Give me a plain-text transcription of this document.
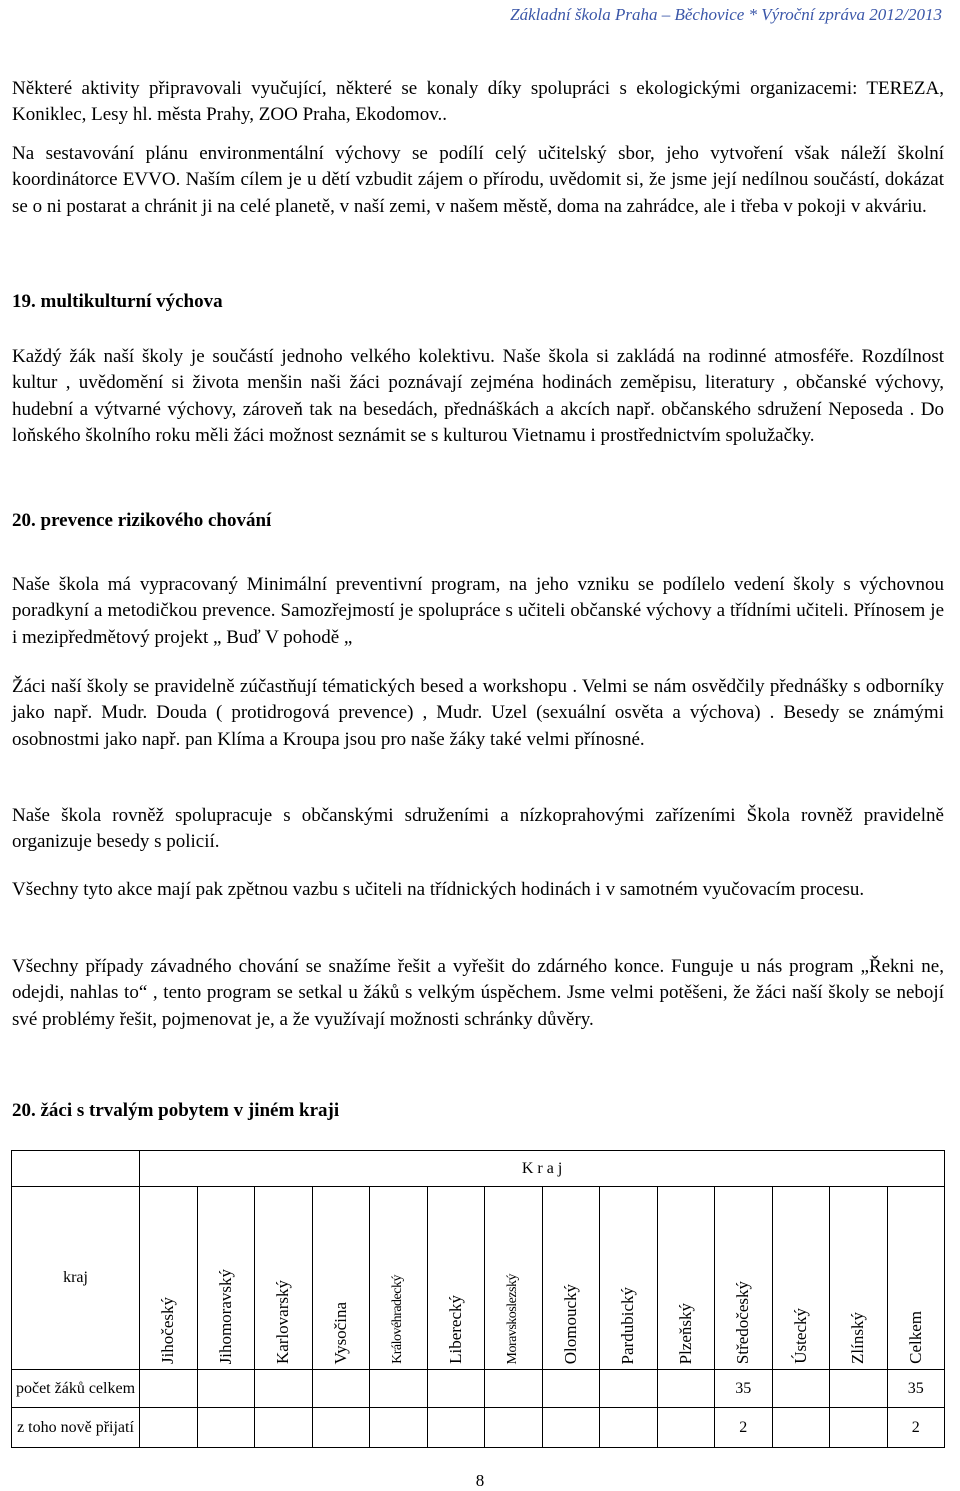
Základní škola Praha – Běchovice * Výroční zpráva 2012/2013

Některé aktivity připravovali vyučující, některé se konaly díky spolupráci s ekologickými organizacemi: TEREZA, Koniklec, Lesy hl. města Prahy, ZOO Praha, Ekodomov..

Na sestavování plánu environmentální výchovy se podílí celý učitelský sbor, jeho vytvoření však náleží školní koordinátorce EVVO. Naším cílem je u dětí vzbudit zájem o přírodu, uvědomit si, že jsme její nedílnou součástí, dokázat se o ni postarat a chránit ji na celé planetě, v naší zemi, v našem městě, doma na zahrádce, ale i třeba v pokoji v akváriu.

19. multikulturní výchova

Každý žák naší školy je součástí jednoho velkého kolektivu. Naše škola si zakládá na rodinné atmosféře. Rozdílnost kultur , uvědomění si života menšin naši žáci poznávají zejména hodinách zeměpisu, literatury , občanské výchovy, hudební a výtvarné výchovy, zároveň tak na besedách, přednáškách a akcích např. občanského sdružení Neposeda . Do loňského školního roku měli žáci možnost seznámit se s kulturou Vietnamu i prostřednictvím spolužačky.

20. prevence rizikového chování

Naše škola má vypracovaný Minimální preventivní program, na jeho vzniku se podílelo vedení školy s výchovnou poradkyní a metodičkou prevence. Samozřejmostí je spolupráce s učiteli občanské výchovy a třídními učiteli. Přínosem je i mezipředmětový projekt „ Buď V pohodě „

Žáci naší školy se pravidelně zúčastňují tématických besed a workshopu . Velmi se nám osvědčily přednášky s odborníky jako např. Mudr. Douda ( protidrogová prevence) , Mudr. Uzel (sexuální osvěta a výchova) . Besedy se známými osobnostmi jako např. pan Klíma a Kroupa jsou pro naše žáky také velmi přínosné.

Naše škola rovněž spolupracuje s občanskými sdruženími a nízkoprahovými zařízeními Škola rovněž pravidelně organizuje besedy s policií.

Všechny tyto akce mají pak zpětnou vazbu s učiteli na třídnických hodinách i v samotném vyučovacím procesu.

Všechny případy závadného chování se snažíme řešit a vyřešit do zdárného konce. Funguje u nás program „Řekni ne, odejdi, nahlas to“ , tento program se setkal u žáků s velkým úspěchem. Jsme velmi potěšeni, že žáci naší školy se nebojí své problémy řešit, pojmenovat je, a že využívají možnosti schránky důvěry.

20. žáci s trvalým pobytem v jiném kraji

	K r a j													
kraj	Jihočeský	Jihomoravský	Karlovarský	Vysočina	Královéhradecký	Liberecký	Moravskoslezský	Olomoucký	Pardubický	Plzeňský	Středočeský	Ústecký	Zlínský	Celkem

počet žáků celkem											35			35
z toho nově přijatí											2			2
8
